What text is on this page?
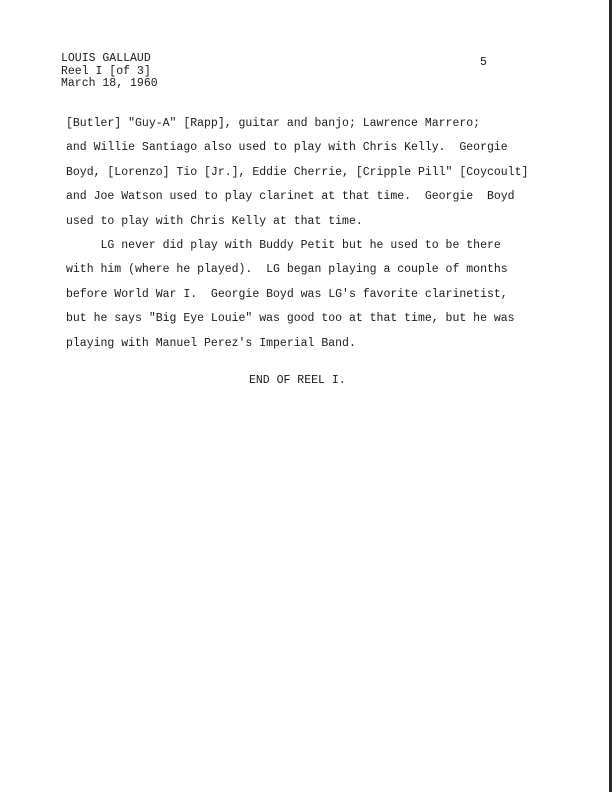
LOUIS GALLAUD
Reel I [of 3]
March 18, 1960
5
[Butler] "Guy-A" [Rapp], guitar and banjo; Lawrence Marrero;
and Willie Santiago also used to play with Chris Kelly.  Georgie
Boyd, [Lorenzo] Tio [Jr.], Eddie Cherrie, [Cripple Pill" [Coycoult]
and Joe Watson used to play clarinet at that time.  Georgie  Boyd
used to play with Chris Kelly at that time.
LG never did play with Buddy Petit but he used to be there
with him (where he played).  LG began playing a couple of months
before World War I.  Georgie Boyd was LG's favorite clarinetist,
but he says "Big Eye Louie" was good too at that time, but he was
playing with Manuel Perez's Imperial Band.
END OF REEL I.
